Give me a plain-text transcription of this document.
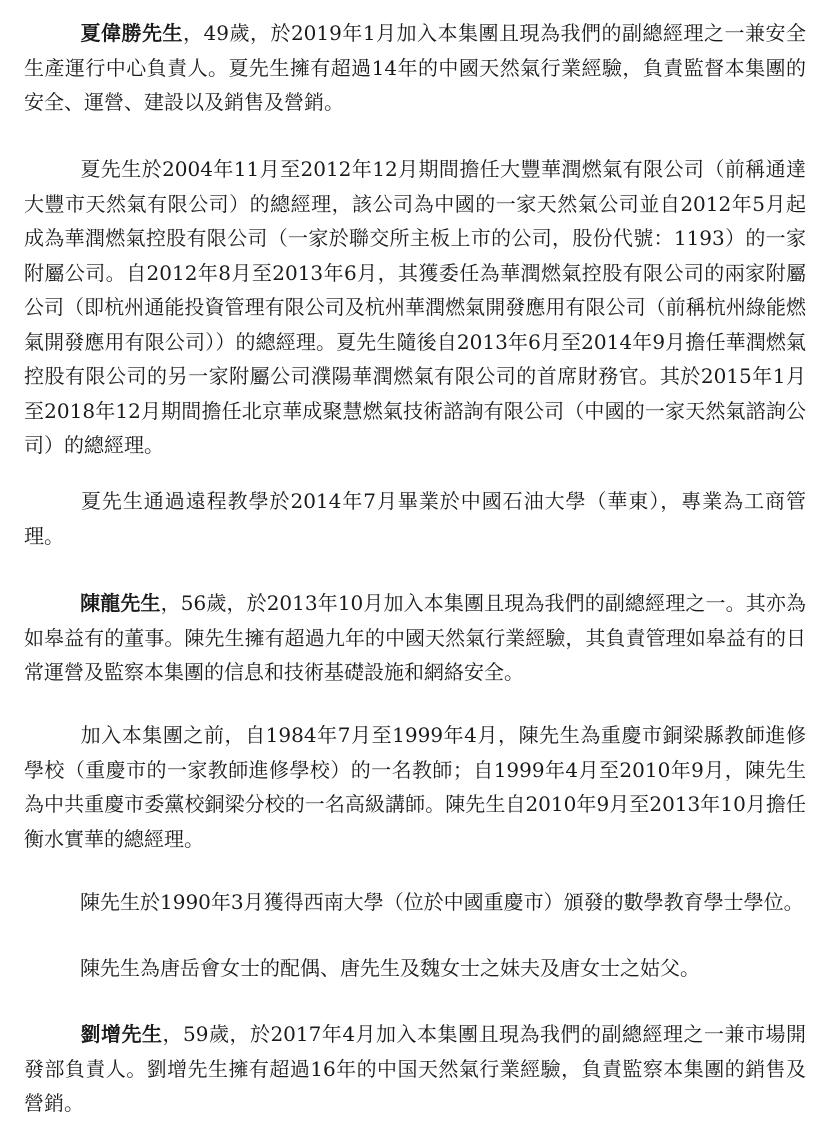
夏偉勝先生，49歲，於2019年1月加入本集團且現為我們的副總經理之一兼安全生產運行中心負責人。夏先生擁有超過14年的中國天然氣行業經驗，負責監督本集團的安全、運營、建設以及銷售及營銷。

夏先生於2004年11月至2012年12月期間擔任大豐華潤燃氣有限公司（前稱通達大豐市天然氣有限公司）的總經理，該公司為中國的一家天然氣公司並自2012年5月起成為華潤燃氣控股有限公司（一家於聯交所主板上市的公司，股份代號：1193）的一家附屬公司。自2012年8月至2013年6月，其獲委任為華潤燃氣控股有限公司的兩家附屬公司（即杭州通能投資管理有限公司及杭州華潤燃氣開發應用有限公司（前稱杭州綠能燃氣開發應用有限公司））的總經理。夏先生隨後自2013年6月至2014年9月擔任華潤燃氣控股有限公司的另一家附屬公司濮陽華潤燃氣有限公司的首席財務官。其於2015年1月至2018年12月期間擔任北京華成聚慧燃氣技術諮詢有限公司（中國的一家天然氣諮詢公司）的總經理。

夏先生通過遠程教學於2014年7月畢業於中國石油大學（華東），專業為工商管理。

陳龍先生，56歲，於2013年10月加入本集團且現為我們的副總經理之一。其亦為如皋益有的董事。陳先生擁有超過九年的中國天然氣行業經驗，其負責管理如皋益有的日常運營及監察本集團的信息和技術基礎設施和網絡安全。

加入本集團之前，自1984年7月至1999年4月，陳先生為重慶市銅梁縣教師進修學校（重慶市的一家教師進修學校）的一名教師；自1999年4月至2010年9月，陳先生為中共重慶市委黨校銅梁分校的一名高級講師。陳先生自2010年9月至2013年10月擔任衡水實華的總經理。

陳先生於1990年3月獲得西南大學（位於中國重慶市）頒發的數學教育學士學位。

陳先生為唐岳會女士的配偶、唐先生及魏女士之妹夫及唐女士之姑父。

劉增先生，59歲，於2017年4月加入本集團且現為我們的副總經理之一兼市場開發部負責人。劉增先生擁有超過16年的中国天然氣行業經驗，負責監察本集團的銷售及營銷。
